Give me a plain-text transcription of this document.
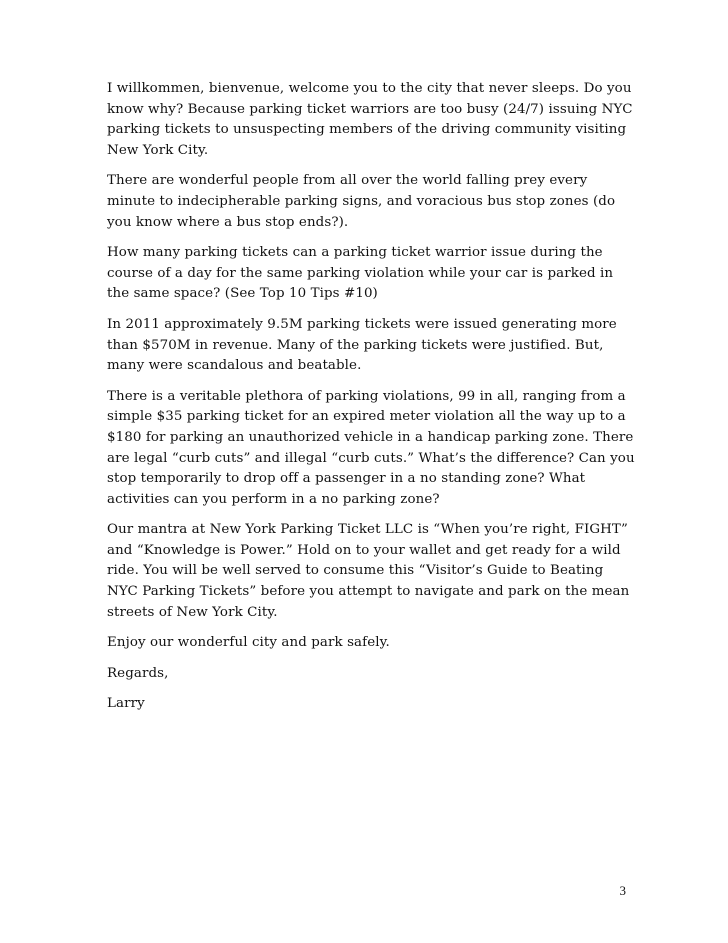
I willkommen, bienvenue, welcome you to the city that never sleeps. Do you know why? Because parking ticket warriors are too busy (24/7) issuing NYC parking tickets to unsuspecting members of the driving community visiting New York City.

There are wonderful people from all over the world falling prey every minute to indecipherable parking signs, and voracious bus stop zones (do you know where a bus stop ends?).

How many parking tickets can a parking ticket warrior issue during the course of a day for the same parking violation while your car is parked in the same space? (See Top 10 Tips #10)

In 2011 approximately 9.5M parking tickets were issued generating more than $570M in revenue. Many of the parking tickets were justified. But, many were scandalous and beatable.

There is a veritable plethora of parking violations, 99 in all, ranging from a simple $35 parking ticket for an expired meter violation all the way up to a $180 for parking an unauthorized vehicle in a handicap parking zone. There are legal “curb cuts” and illegal “curb cuts.” What’s the difference? Can you stop temporarily to drop off a passenger in a no standing zone? What activities can you perform in a no parking zone?

Our mantra at New York Parking Ticket LLC is “When you’re right, FIGHT” and “Knowledge is Power.” Hold on to your wallet and get ready for a wild ride. You will be well served to consume this “Visitor’s Guide to Beating NYC Parking Tickets” before you attempt to navigate and park on the mean streets of New York City.

Enjoy our wonderful city and park safely.

Regards,

Larry

3
